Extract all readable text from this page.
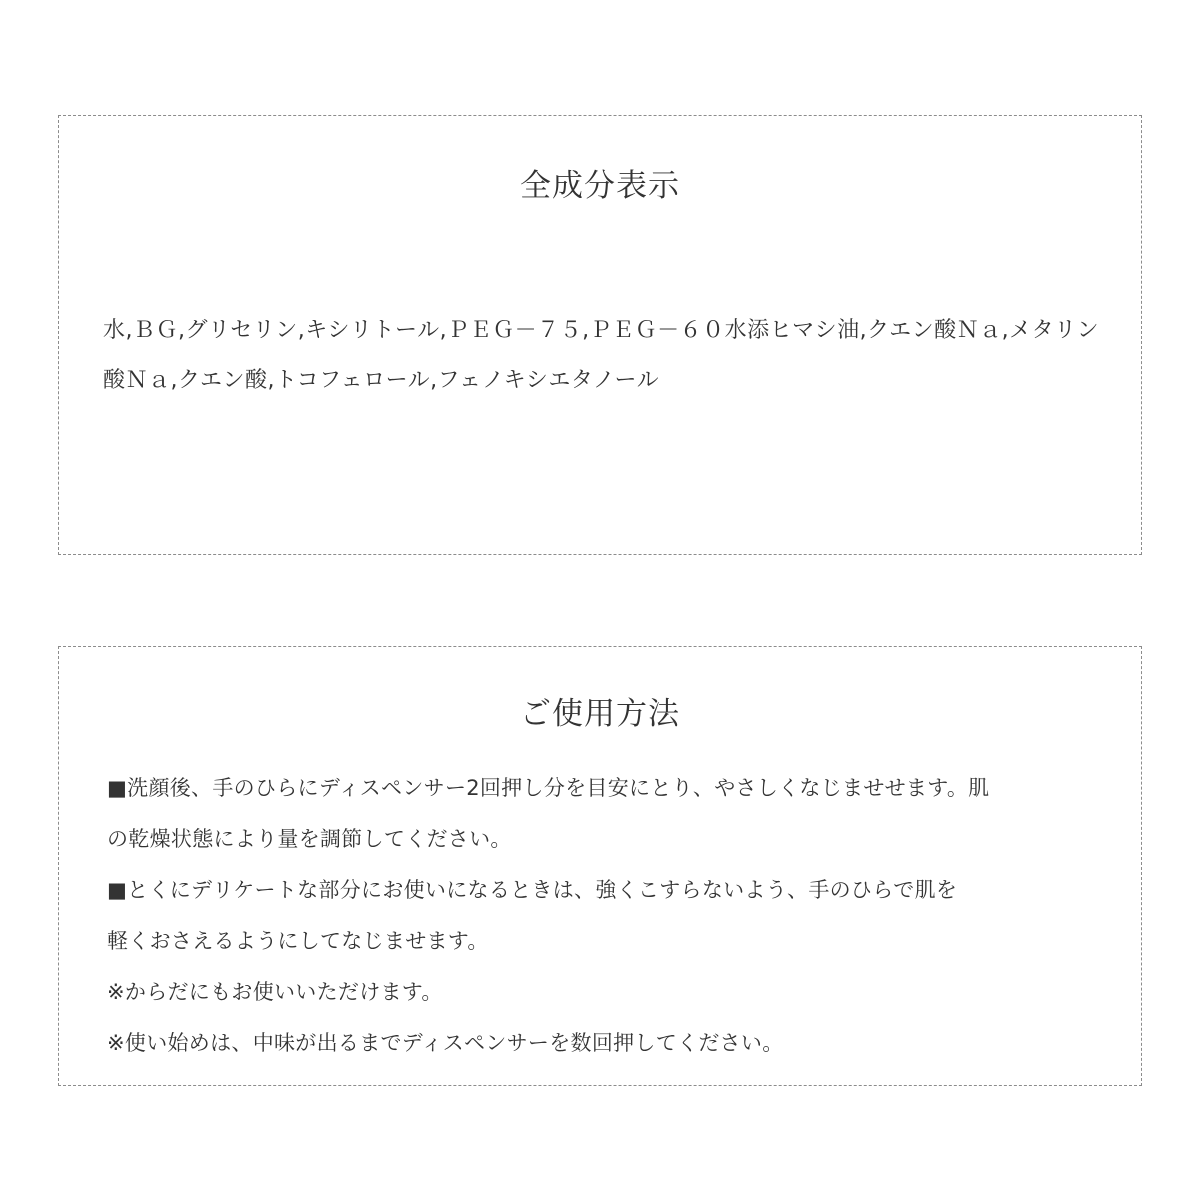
全成分表示

水,ＢＧ,グリセリン,キシリトール,ＰＥＧ－７５,ＰＥＧ－６０水添ヒマシ油,クエン酸Ｎａ,メタリン酸Ｎａ,クエン酸,トコフェロール,フェノキシエタノール

ご使用方法
■洗顔後、手のひらにディスペンサー2回押し分を目安にとり、やさしくなじませせます。肌
の乾燥状態により量を調節してください。
■とくにデリケートな部分にお使いになるときは、強くこすらないよう、手のひらで肌を
軽くおさえるようにしてなじませます。
※からだにもお使いいただけます。
※使い始めは、中味が出るまでディスペンサーを数回押してください。
